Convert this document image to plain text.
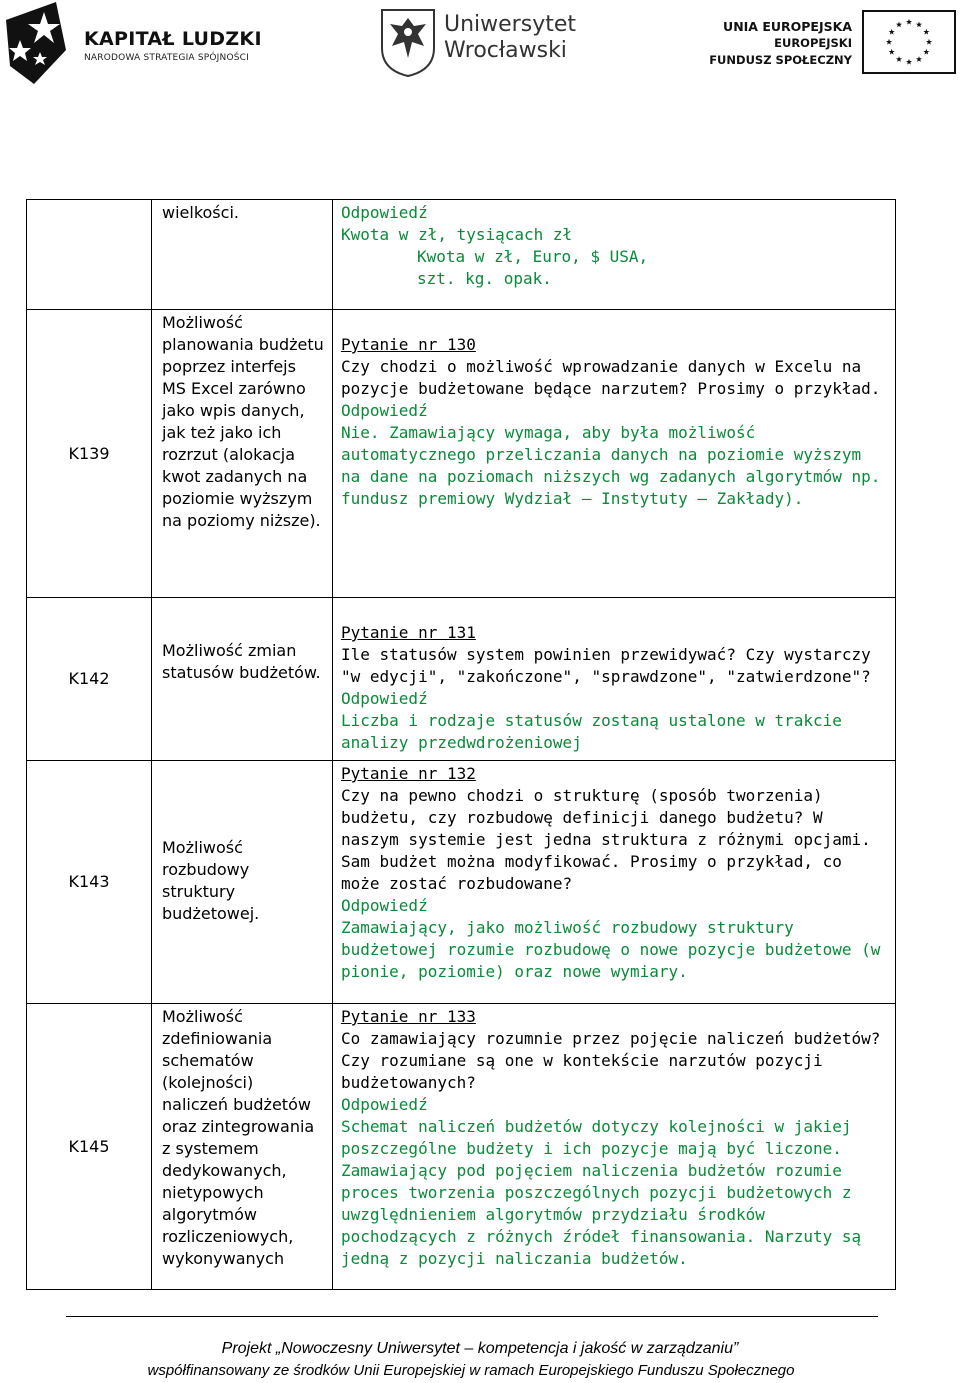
KAPITAŁ LUDZKI
NARODOWA STRATEGIA SPÓJNOŚCI
Uniwersytet
Wrocławski
UNIA EUROPEJSKA
EUROPEJSKI
FUNDUSZ SPOŁECZNY

	wielkości.	Odpowiedź
Kwota w zł, tysiącach zł
Kwota w zł, Euro, $ USA,
szt. kg. opak.

K139	Możliwość planowania budżetu poprzez interfejs MS Excel zarówno jako wpis danych, jak też jako ich rozrzut (alokacja kwot zadanych na poziomie wyższym na poziomy niższe).	Pytanie nr 130
Czy chodzi o możliwość wprowadzanie danych w Excelu na pozycje budżetowane będące narzutem? Prosimy o przykład.
Odpowiedź
Nie. Zamawiający wymaga, aby była możliwość automatycznego przeliczania danych na poziomie wyższym na dane na poziomach niższych wg zadanych algorytmów np. fundusz premiowy Wydział – Instytuty – Zakłady).

K142	Możliwość zmian statusów budżetów.	Pytanie nr 131
Ile statusów system powinien przewidywać? Czy wystarczy "w edycji", "zakończone", "sprawdzone", "zatwierdzone"?
Odpowiedź
Liczba i rodzaje statusów zostaną ustalone w trakcie analizy przedwdrożeniowej

K143	Możliwość rozbudowy struktury budżetowej.	Pytanie nr 132
Czy na pewno chodzi o strukturę (sposób tworzenia) budżetu, czy rozbudowę definicji danego budżetu? W naszym systemie jest jedna struktura z różnymi opcjami. Sam budżet można modyfikować. Prosimy o przykład, co może zostać rozbudowane?
Odpowiedź
Zamawiający, jako możliwość rozbudowy struktury budżetowej rozumie rozbudowę o nowe pozycje budżetowe (w pionie, poziomie) oraz nowe wymiary.

K145	Możliwość zdefiniowania schematów (kolejności) naliczeń budżetów oraz zintegrowania z systemem dedykowanych, nietypowych algorytmów rozliczeniowych, wykonywanych	Pytanie nr 133
Co zamawiający rozumnie przez pojęcie naliczeń budżetów? Czy rozumiane są one w kontekście narzutów pozycji budżetowanych?
Odpowiedź
Schemat naliczeń budżetów dotyczy kolejności w jakiej poszczególne budżety i ich pozycje mają być liczone. Zamawiający pod pojęciem naliczenia budżetów rozumie proces tworzenia poszczególnych pozycji budżetowych z uwzględnieniem algorytmów przydziału środków pochodzących z różnych źródeł finansowania. Narzuty są jedną z pozycji naliczania budżetów.
Projekt „Nowoczesny Uniwersytet – kompetencja i jakość w zarządzaniu”
współfinansowany ze środków Unii Europejskiej w ramach Europejskiego Funduszu Społecznego
